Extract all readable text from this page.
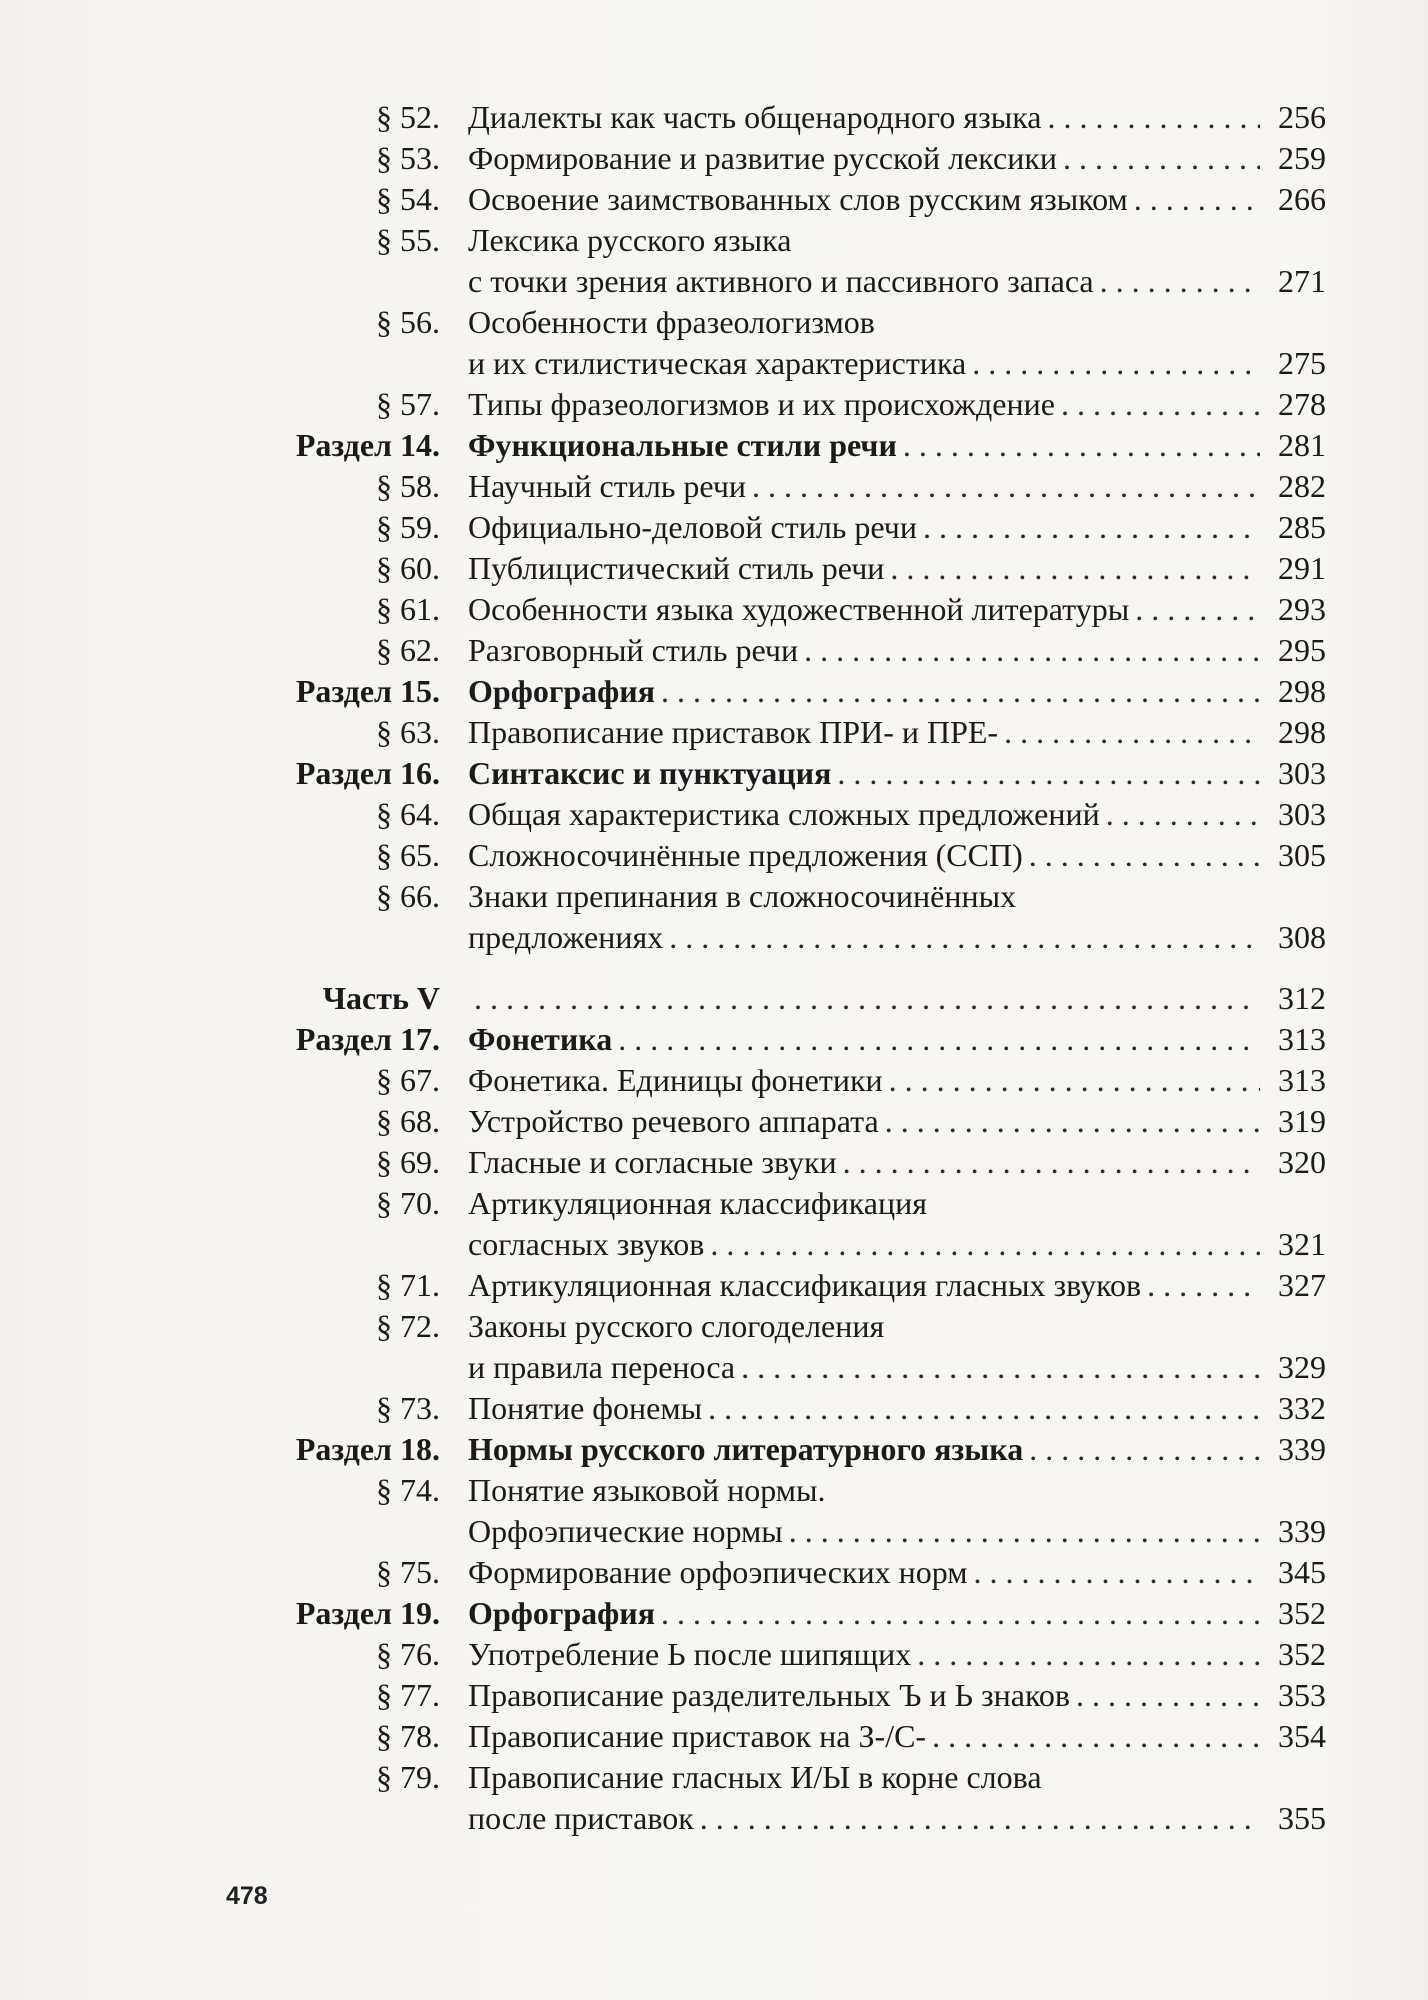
§ 52. Диалекты как часть общенародного языка . . .	256
§ 53. Формирование и развитие русской лексики . . .	259
§ 54. Освоение заимствованных слов русским языком . . .	266
§ 55. Лексика русского языка
с точки зрения активного и пассивного запаса . . .	271
§ 56. Особенности фразеологизмов
и их стилистическая характеристика . . .	275
§ 57. Типы фразеологизмов и их происхождение . . .	278
Раздел 14. Функциональные стили речи . . .	281
§ 58. Научный стиль речи . . .	282
§ 59. Официально-деловой стиль речи . . .	285
§ 60. Публицистический стиль речи . . .	291
§ 61. Особенности языка художественной литературы . . .	293
§ 62. Разговорный стиль речи . . .	295
Раздел 15. Орфография . . .	298
§ 63. Правописание приставок ПРИ- и ПРЕ- . . .	298
Раздел 16. Синтаксис и пунктуация . . .	303
§ 64. Общая характеристика сложных предложений . . .	303
§ 65. Сложносочинённые предложения (ССП) . . .	305
§ 66. Знаки препинания в сложносочинённых
предложениях . . .	308
Часть V . . .	312
Раздел 17. Фонетика . . .	313
§ 67. Фонетика. Единицы фонетики . . .	313
§ 68. Устройство речевого аппарата . . .	319
§ 69. Гласные и согласные звуки . . .	320
§ 70. Артикуляционная классификация
согласных звуков . . .	321
§ 71. Артикуляционная классификация гласных звуков . . .	327
§ 72. Законы русского слогоделения
и правила переноса . . .	329
§ 73. Понятие фонемы . . .	332
Раздел 18. Нормы русского литературного языка . . .	339
§ 74. Понятие языковой нормы.
Орфоэпические нормы . . .	339
§ 75. Формирование орфоэпических норм . . .	345
Раздел 19. Орфография . . .	352
§ 76. Употребление Ь после шипящих . . .	352
§ 77. Правописание разделительных Ъ и Ь знаков . . .	353
§ 78. Правописание приставок на З-/С- . . .	354
§ 79. Правописание гласных И/Ы в корне слова
после приставок . . .	355
478
